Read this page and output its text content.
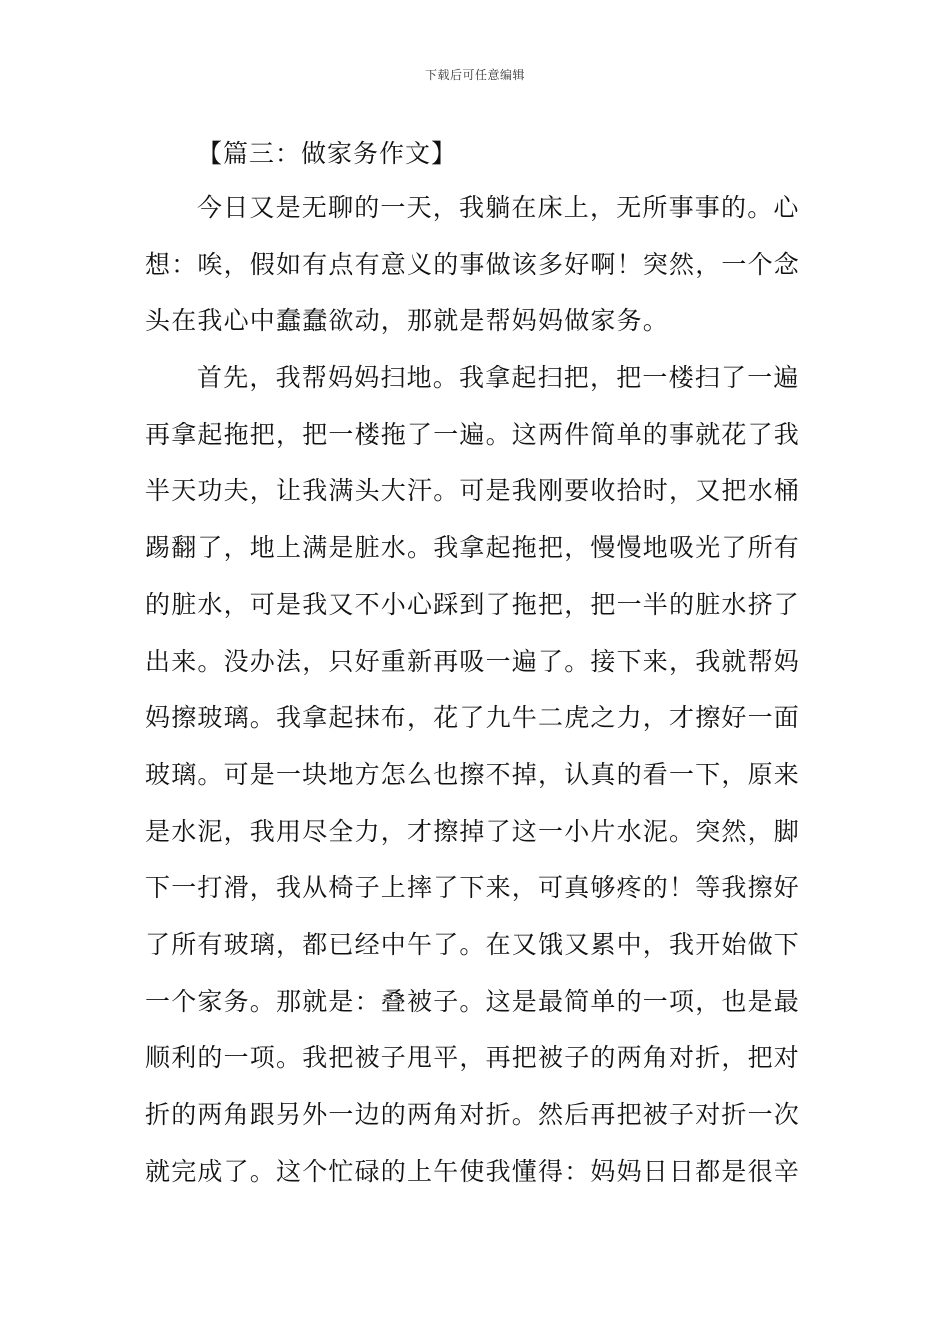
下载后可任意编辑
【篇三：做家务作文】
今日又是无聊的一天，我躺在床上，无所事事的。心
想：唉，假如有点有意义的事做该多好啊！突然，一个念
头在我心中蠢蠢欲动，那就是帮妈妈做家务。
首先，我帮妈妈扫地。我拿起扫把，把一楼扫了一遍
再拿起拖把，把一楼拖了一遍。这两件简单的事就花了我
半天功夫，让我满头大汗。可是我刚要收拾时，又把水桶
踢翻了，地上满是脏水。我拿起拖把，慢慢地吸光了所有
的脏水，可是我又不小心踩到了拖把，把一半的脏水挤了
出来。没办法，只好重新再吸一遍了。接下来，我就帮妈
妈擦玻璃。我拿起抹布，花了九牛二虎之力，才擦好一面
玻璃。可是一块地方怎么也擦不掉，认真的看一下，原来
是水泥，我用尽全力，才擦掉了这一小片水泥。突然，脚
下一打滑，我从椅子上摔了下来，可真够疼的！等我擦好
了所有玻璃，都已经中午了。在又饿又累中，我开始做下
一个家务。那就是：叠被子。这是最简单的一项，也是最
顺利的一项。我把被子甩平，再把被子的两角对折，把对
折的两角跟另外一边的两角对折。然后再把被子对折一次
就完成了。这个忙碌的上午使我懂得：妈妈日日都是很辛
